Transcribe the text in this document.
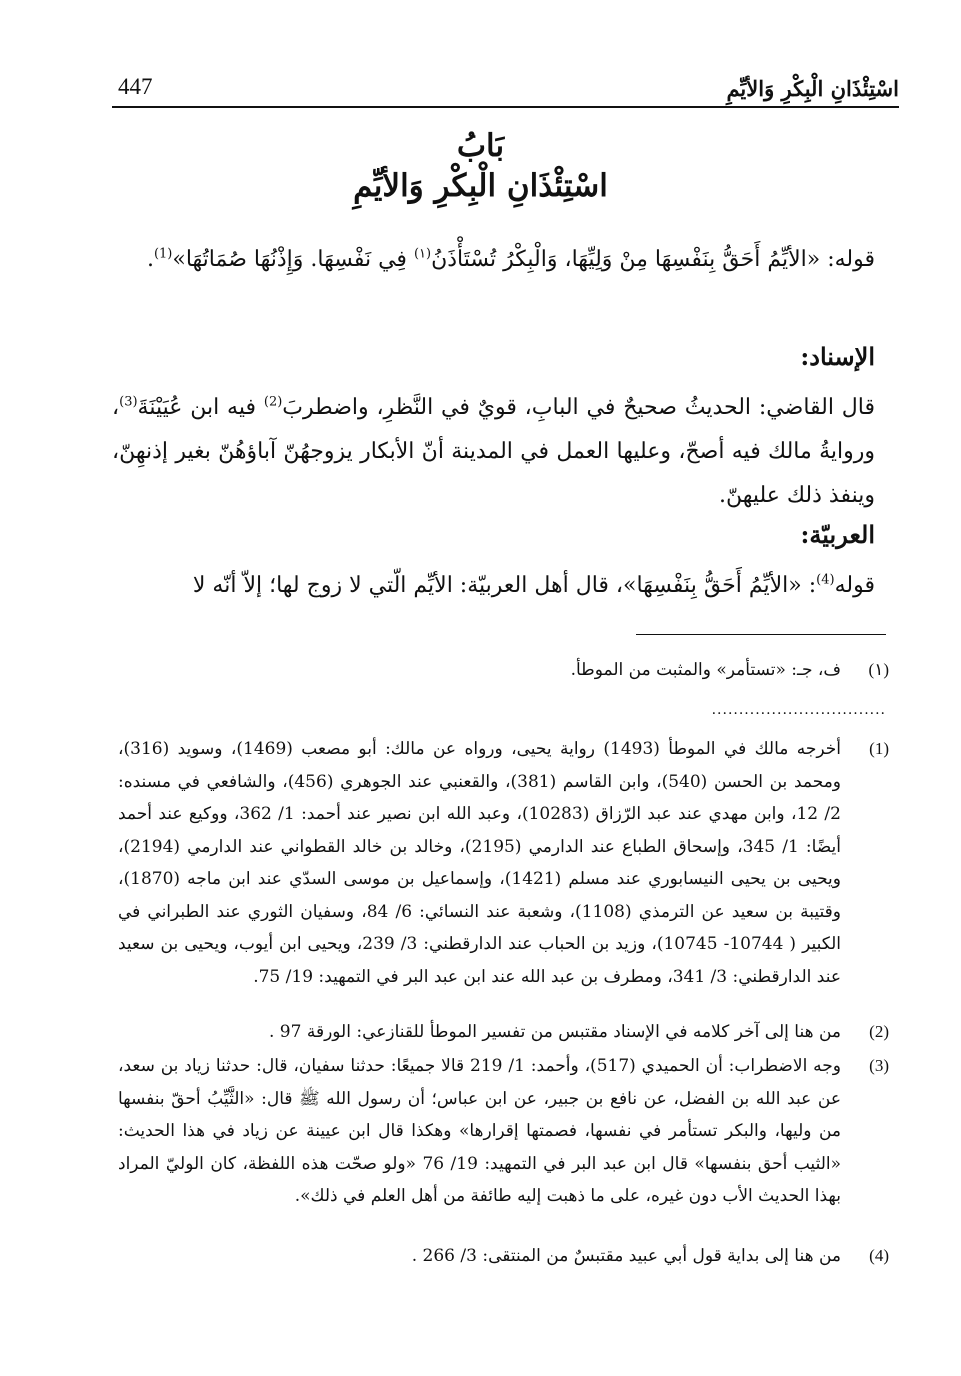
447	اسْتِئْذَانِ الْبِكْرِ وَالأيِّمِ
بَابُ
اسْتِئْذَانِ الْبِكْرِ وَالأيِّمِ

قوله: «الأيِّمُ أَحَقُّ بِنَفْسِهَا مِنْ وَلِيِّهَا، وَالْبِكْرُ تُسْتَأْذَنُ$^{(١)}$ فِي نَفْسِهَا. وَإِذْنُهَا صُمَاتُهَا»$^{(1)}$.

الإسناد:

قال القاضي: الحديثُ صحيحٌ في البابِ، قويٌ في النَّظرِ، واضطربَ$^{(2)}$ فيه ابن عُيَيْنَةَ$^{(3)}$، وروايةُ مالك فيه أصحّ، وعليها العمل في المدينة أنّ الأبكار يزوجهُنّ آباؤهُنّ بغير إذنهِنّ، وينفذ ذلك عليهنّ.

العربيّة:

قوله$^{(4)}$: «الأيِّمُ أَحَقُّ بِنَفْسِهَا»، قال أهل العربيّة: الأيِّم الّتي لا زوج لها؛ إلاّ أنّه لا

(١)
ف، جـ: «تستأمر» والمثبت من الموطأ.
................................
(1)
أخرجه مالك في الموطأ (1493) رواية يحيى، ورواه عن مالك: أبو مصعب (1469)، وسويد (316)، ومحمد بن الحسن (540)، وابن القاسم (381)، والقعنبي عند الجوهري (456)، والشافعي في مسنده: 2/ 12، وابن مهدي عند عبد الرّزاق (10283)، وعبد الله ابن نصير عند أحمد: 1/ 362، ووكيع عند أحمد أيضًا: 1/ 345، وإسحاق الطباع عند الدارمي (2195)، وخالد بن خالد القطواني عند الدارمي (2194)، ويحيى بن يحيى النيسابوري عند مسلم (1421)، وإسماعيل بن موسى السدّي عند ابن ماجه (1870)، وقتيبة بن سعيد عن الترمذي (1108)، وشعبة عند النسائي: 6/ 84، وسفيان الثوري عند الطبراني في الكبير ( 10744- 10745)، وزيد بن الحباب عند الدارقطني: 3/ 239، ويحيى ابن أيوب، ويحيى بن سعيد عند الدارقطني: 3/ 341، ومطرف بن عبد الله عند ابن عبد البر في التمهيد: 19/ 75.
(2)
من هنا إلى آخر كلامه في الإسناد مقتبس من تفسير الموطأ للقنازعي: الورقة 97 .
(3)
وجه الاضطراب: أن الحميدي (517)، وأحمد: 1/ 219 قالا جميعًا: حدثنا سفيان، قال: حدثنا زياد بن سعد، عن عبد الله بن الفضل، عن نافع بن جبير، عن ابن عباس؛ أن رسول الله ﷺ قال: «الثَّيِّبُ أحقّ بنفسها من وليها، والبكر تستأمر في نفسها، فصمتها إقرارها» وهكذا قال ابن عيينة عن زياد في هذا الحديث: «الثيب أحق بنفسها» قال ابن عبد البر في التمهيد: 19/ 76 «ولو صحّت هذه اللفظة، كان الوليّ المراد بهذا الحديث الأب دون غيره، على ما ذهبت إليه طائفة من أهل العلم في ذلك».
(4)
من هنا إلى بداية قول أبي عبيد مقتبسٌ من المنتقى: 3/ 266 .
